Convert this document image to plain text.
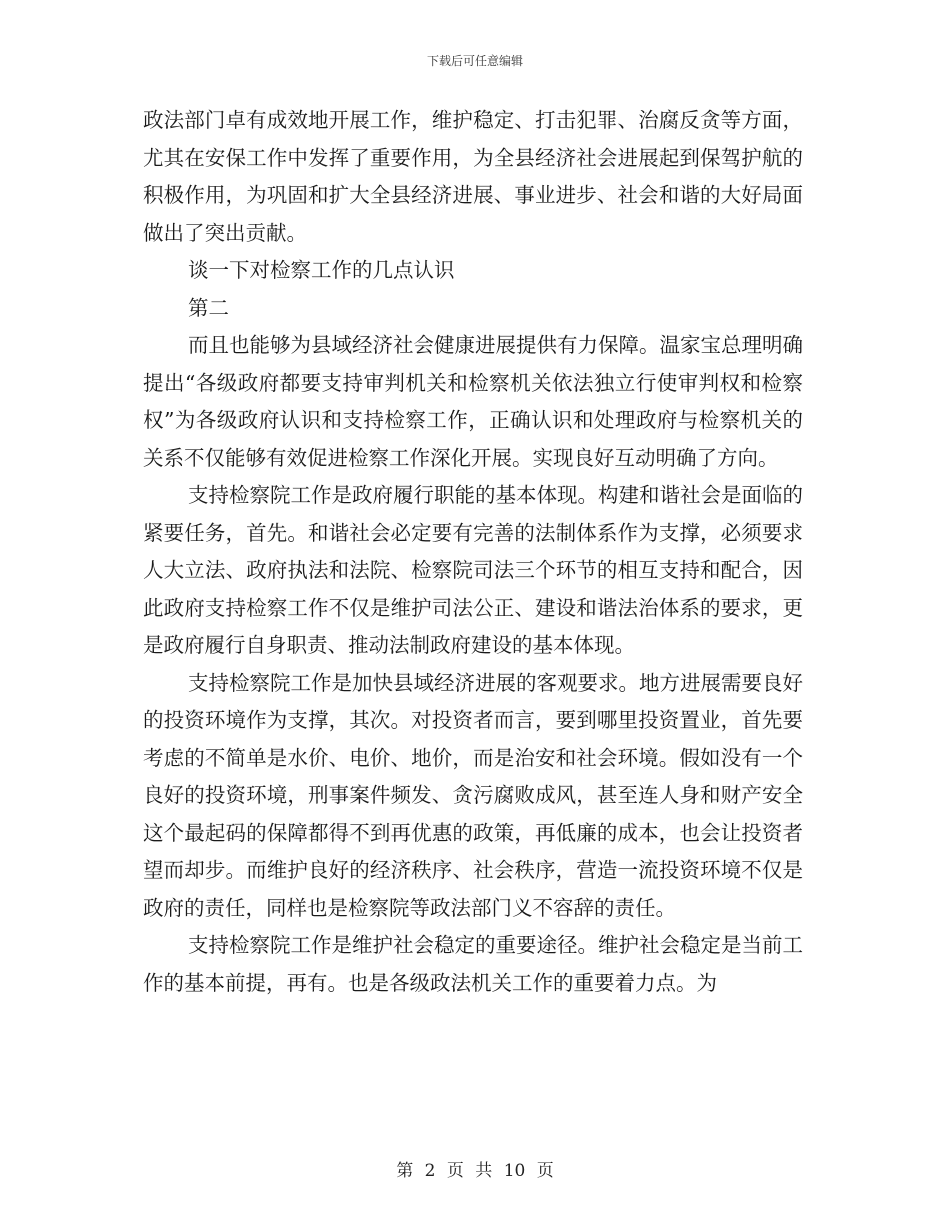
下载后可任意编辑

政法部门卓有成效地开展工作，维护稳定、打击犯罪、治腐反贪等方面，尤其在安保工作中发挥了重要作用，为全县经济社会进展起到保驾护航的积极作用，为巩固和扩大全县经济进展、事业进步、社会和谐的大好局面做出了突出贡献。

谈一下对检察工作的几点认识

第二

而且也能够为县域经济社会健康进展提供有力保障。温家宝总理明确提出“各级政府都要支持审判机关和检察机关依法独立行使审判权和检察权”为各级政府认识和支持检察工作，正确认识和处理政府与检察机关的关系不仅能够有效促进检察工作深化开展。实现良好互动明确了方向。

支持检察院工作是政府履行职能的基本体现。构建和谐社会是面临的紧要任务，首先。和谐社会必定要有完善的法制体系作为支撑，必须要求人大立法、政府执法和法院、检察院司法三个环节的相互支持和配合，因此政府支持检察工作不仅是维护司法公正、建设和谐法治体系的要求，更是政府履行自身职责、推动法制政府建设的基本体现。

支持检察院工作是加快县域经济进展的客观要求。地方进展需要良好的投资环境作为支撑，其次。对投资者而言，要到哪里投资置业，首先要考虑的不简单是水价、电价、地价，而是治安和社会环境。假如没有一个良好的投资环境，刑事案件频发、贪污腐败成风，甚至连人身和财产安全这个最起码的保障都得不到再优惠的政策，再低廉的成本，也会让投资者望而却步。而维护良好的经济秩序、社会秩序，营造一流投资环境不仅是政府的责任，同样也是检察院等政法部门义不容辞的责任。

支持检察院工作是维护社会稳定的重要途径。维护社会稳定是当前工作的基本前提，再有。也是各级政法机关工作的重要着力点。为

第 2 页 共 10 页
